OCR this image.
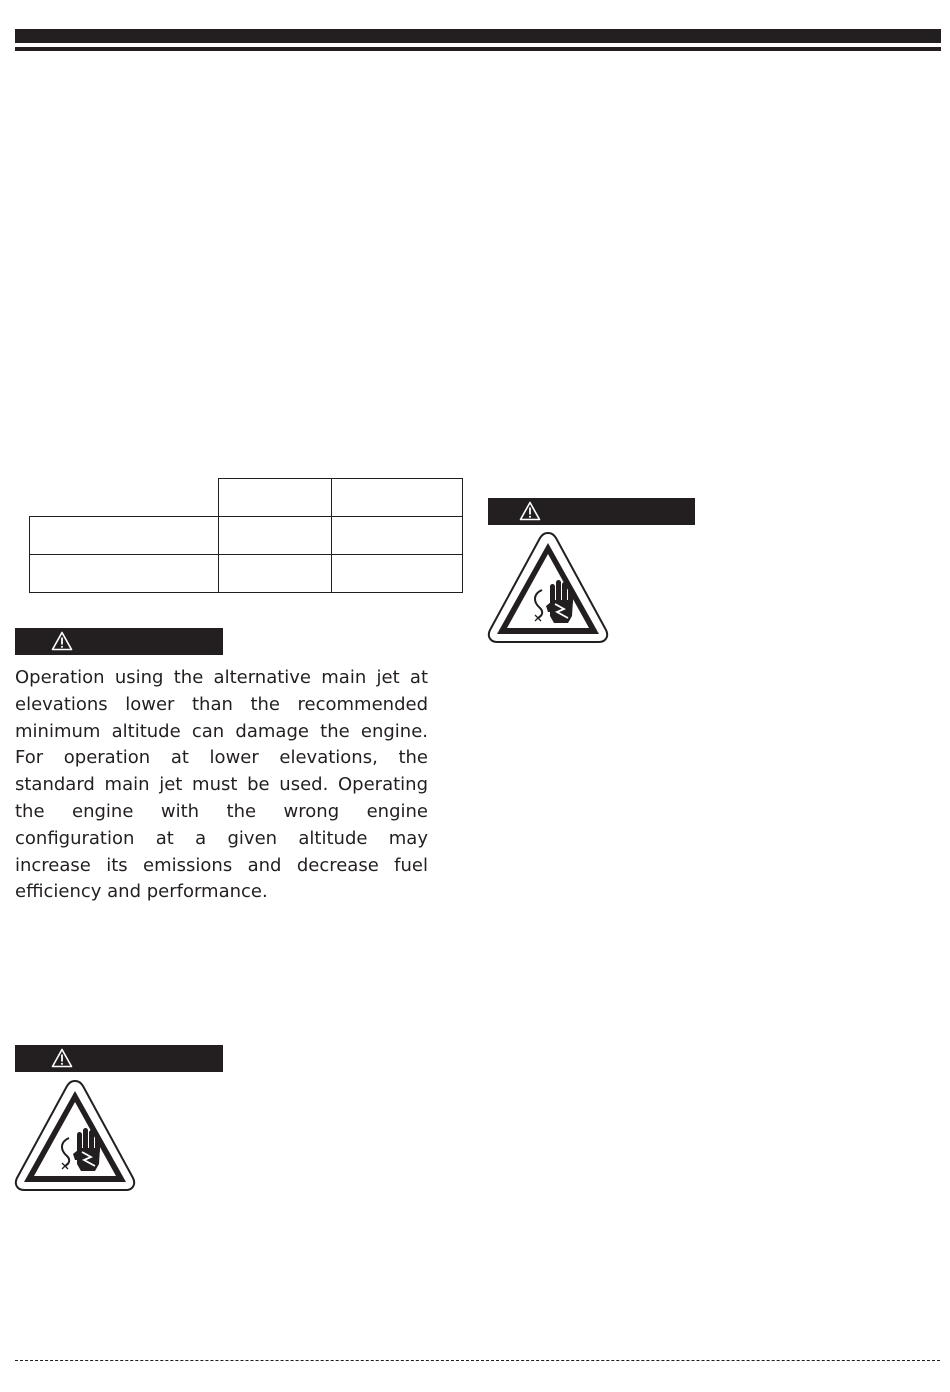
Operation using the alternative main jet at elevations lower than the recommended minimum altitude can damage the engine. For operation at lower elevations, the standard main jet must be used. Operating the engine with the wrong engine configuration at a given altitude may increase its emissions and decrease fuel efficiency and performance.
